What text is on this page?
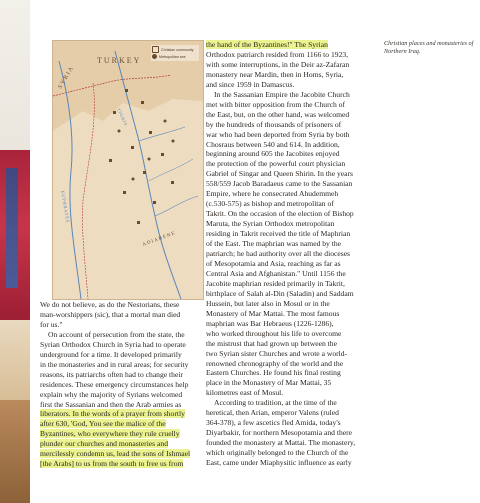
TURKEY
SYRIA
EUPHRATES
TIGRIS
ADIABENE
Christian community
Metropolitan see
We do not believe, as do the Nestorians, these
man-worshippers (sic), that a mortal man died
for us."
On account of persecution from the state, the
Syrian Orthodox Church in Syria had to operate
underground for a time. It developed primarily
in the monasteries and in rural areas; for security
reasons, its patriarchs often had to change their
residences. These emergency circumstances help
explain why the majority of Syrians welcomed
first the Sassanian and then the Arab armies as
liberators. In the words of a prayer from shortly
after 630, 'God, You see the malice of the
Byzantines, who everywhere they rule cruelly
plunder our churches and monasteries and
mercilessly condemn us, lead the sons of Ishmael
[the Arabs] to us from the south to free us from
the hand of the Byzantines!" The Syrian
Orthodox patriarch resided from 1166 to 1923,
with some interruptions, in the Deir az-Zafaran
monastery near Mardin, then in Homs, Syria,
and since 1959 in Damascus.
In the Sassanian Empire the Jacobite Church
met with bitter opposition from the Church of
the East, but, on the other hand, was welcomed
by the hundreds of thousands of prisoners of
war who had been deported from Syria by both
Chosraus between 540 and 614. In addition,
beginning around 605 the Jacobites enjoyed
the protection of the powerful court physician
Gabriel of Singar and Queen Shirin. In the years
558/559 Jacob Baradaeus came to the Sassanian
Empire, where he consecrated Ahudemmeh
(c.530-575) as bishop and metropolitan of
Takrit. On the occasion of the election of Bishop
Maruta, the Syrian Orthodox metropolitan
residing in Takrit received the title of Maphrian
of the East. The maphrian was named by the
patriarch; he had authority over all the dioceses
of Mesopotamia and Asia, reaching as far as
Central Asia and Afghanistan." Until 1156 the
Jacobite maphrian resided primarily in Takrit,
birthplace of Salah al-Din (Saladin) and Saddam
Hussein, but later also in Mosul or in the
Monastery of Mar Mattai. The most famous
maphrian was Bar Hebraeus (1226-1286),
who worked throughout his life to overcome
the mistrust that had grown up between the
two Syrian sister Churches and wrote a world-
renowned chronography of the world and the
Eastern Churches. He found his final resting
place in the Monastery of Mar Mattai, 35
kilometres east of Mosul.
According to tradition, at the time of the
heretical, then Arian, emperor Valens (ruled
364-378), a few ascetics fled Amida, today's
Diyarbakir, for northern Mesopotamia and there
founded the monastery at Mattai. The monastery,
which originally belonged to the Church of the
East, came under Miaphysitic influence as early
Christian places and monasteries of Northern Iraq.
